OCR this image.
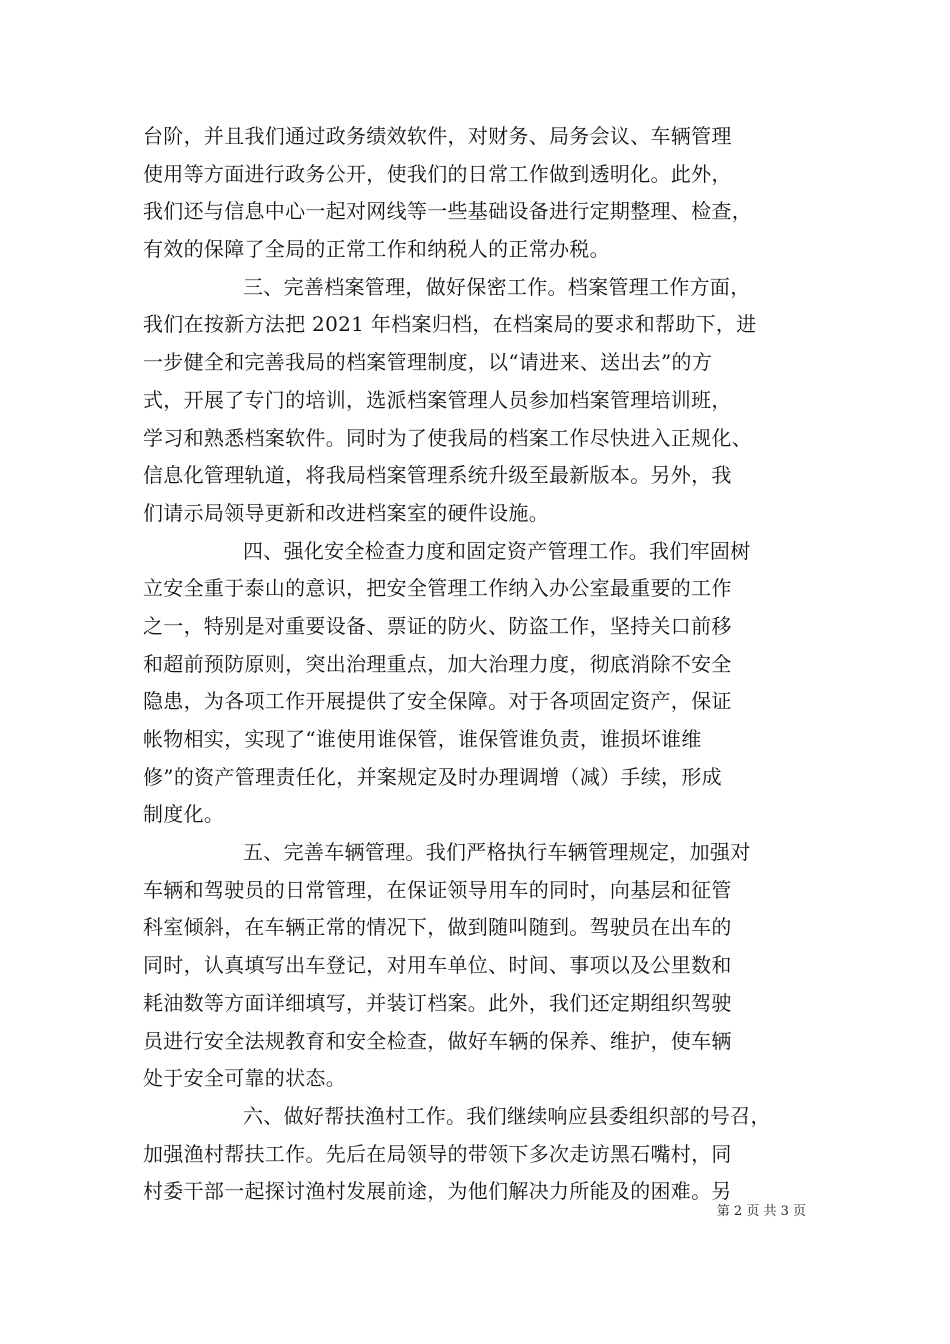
台阶，并且我们通过政务绩效软件，对财务、局务会议、车辆管理
使用等方面进行政务公开，使我们的日常工作做到透明化。此外，
我们还与信息中心一起对网线等一些基础设备进行定期整理、检查，
有效的保障了全局的正常工作和纳税人的正常办税。
三、完善档案管理，做好保密工作。档案管理工作方面，
我们在按新方法把 2021 年档案归档，在档案局的要求和帮助下，进
一步健全和完善我局的档案管理制度，以“请进来、送出去”的方
式，开展了专门的培训，选派档案管理人员参加档案管理培训班，
学习和熟悉档案软件。同时为了使我局的档案工作尽快进入正规化、
信息化管理轨道，将我局档案管理系统升级至最新版本。另外，我
们请示局领导更新和改进档案室的硬件设施。
四、强化安全检查力度和固定资产管理工作。我们牢固树
立安全重于泰山的意识，把安全管理工作纳入办公室最重要的工作
之一，特别是对重要设备、票证的防火、防盗工作，坚持关口前移
和超前预防原则，突出治理重点，加大治理力度，彻底消除不安全
隐患，为各项工作开展提供了安全保障。对于各项固定资产，保证
帐物相实，实现了“谁使用谁保管，谁保管谁负责，谁损坏谁维
修”的资产管理责任化，并案规定及时办理调增（减）手续，形成
制度化。
五、完善车辆管理。我们严格执行车辆管理规定，加强对
车辆和驾驶员的日常管理，在保证领导用车的同时，向基层和征管
科室倾斜，在车辆正常的情况下，做到随叫随到。驾驶员在出车的
同时，认真填写出车登记，对用车单位、时间、事项以及公里数和
耗油数等方面详细填写，并装订档案。此外，我们还定期组织驾驶
员进行安全法规教育和安全检查，做好车辆的保养、维护，使车辆
处于安全可靠的状态。
六、做好帮扶渔村工作。我们继续响应县委组织部的号召，
加强渔村帮扶工作。先后在局领导的带领下多次走访黑石嘴村，同
村委干部一起探讨渔村发展前途，为他们解决力所能及的困难。另
第 2 页 共 3 页
